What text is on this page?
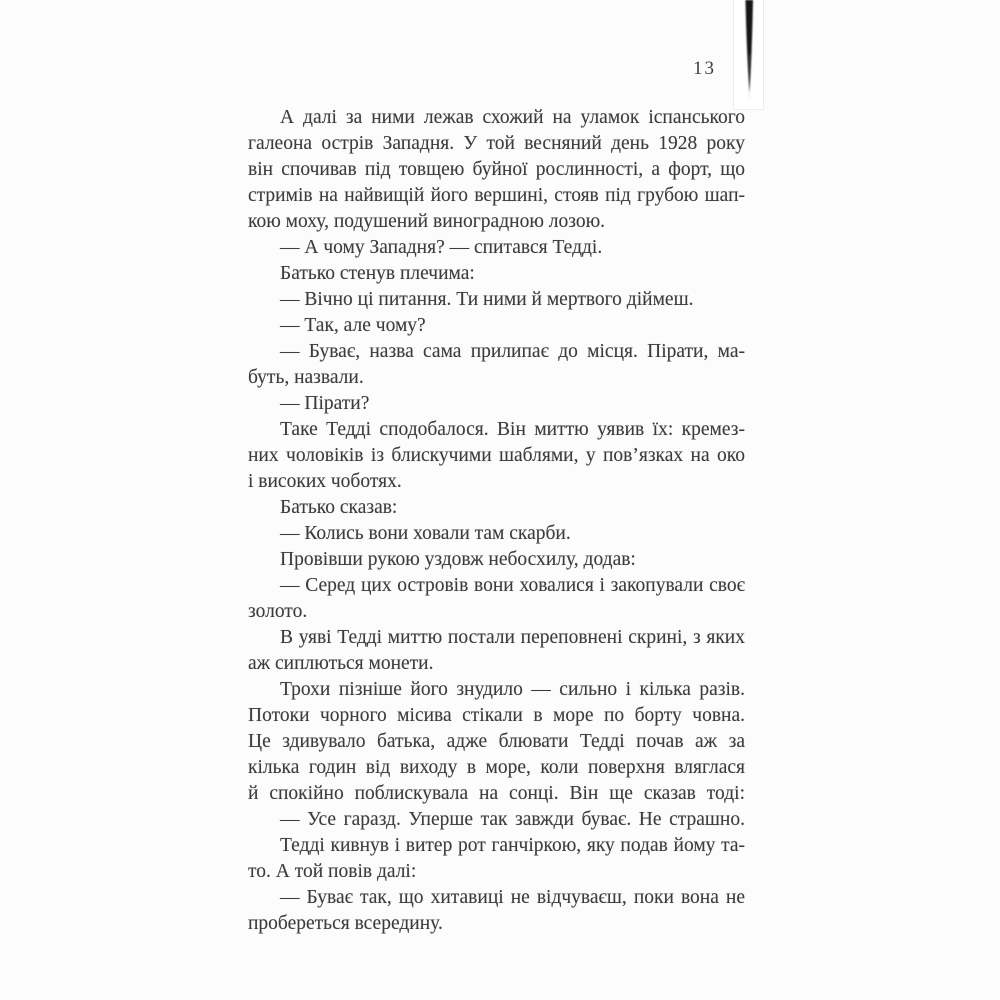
13
А далі за ними лежав схожий на уламок іспанського
галеона острів Западня. У той весняний день 1928 року
він спочивав під товщею буйної рослинності, а форт, що
стримів на найвищій його вершині, стояв під грубою шап-
кою моху, подушений виноградною лозою.
— А чому Западня? — спитався Тедді.
Батько стенув плечима:
— Вічно ці питання. Ти ними й мертвого діймеш.
— Так, але чому?
— Буває, назва сама прилипає до місця. Пірати, ма-
буть, назвали.
— Пірати?
Таке Тедді сподобалося. Він миттю уявив їх: кремез-
них чоловіків із блискучими шаблями, у пов’язках на око
і високих чоботях.
Батько сказав:
— Колись вони ховали там скарби.
Провівши рукою уздовж небосхилу, додав:
— Серед цих островів вони ховалися і закопували своє
золото.
В уяві Тедді миттю постали переповнені скрині, з яких
аж сиплються монети.
Трохи пізніше його знудило — сильно і кілька разів.
Потоки чорного місива стікали в море по борту човна.
Це здивувало батька, адже блювати Тедді почав аж за
кілька годин від виходу в море, коли поверхня вляглася
й спокійно поблискувала на сонці. Він ще сказав тоді:
— Усе гаразд. Уперше так завжди буває. Не страшно.
Тедді кивнув і витер рот ганчіркою, яку подав йому та-
то. А той повів далі:
— Буває так, що хитавиці не відчуваєш, поки вона не
пробереться всередину.
